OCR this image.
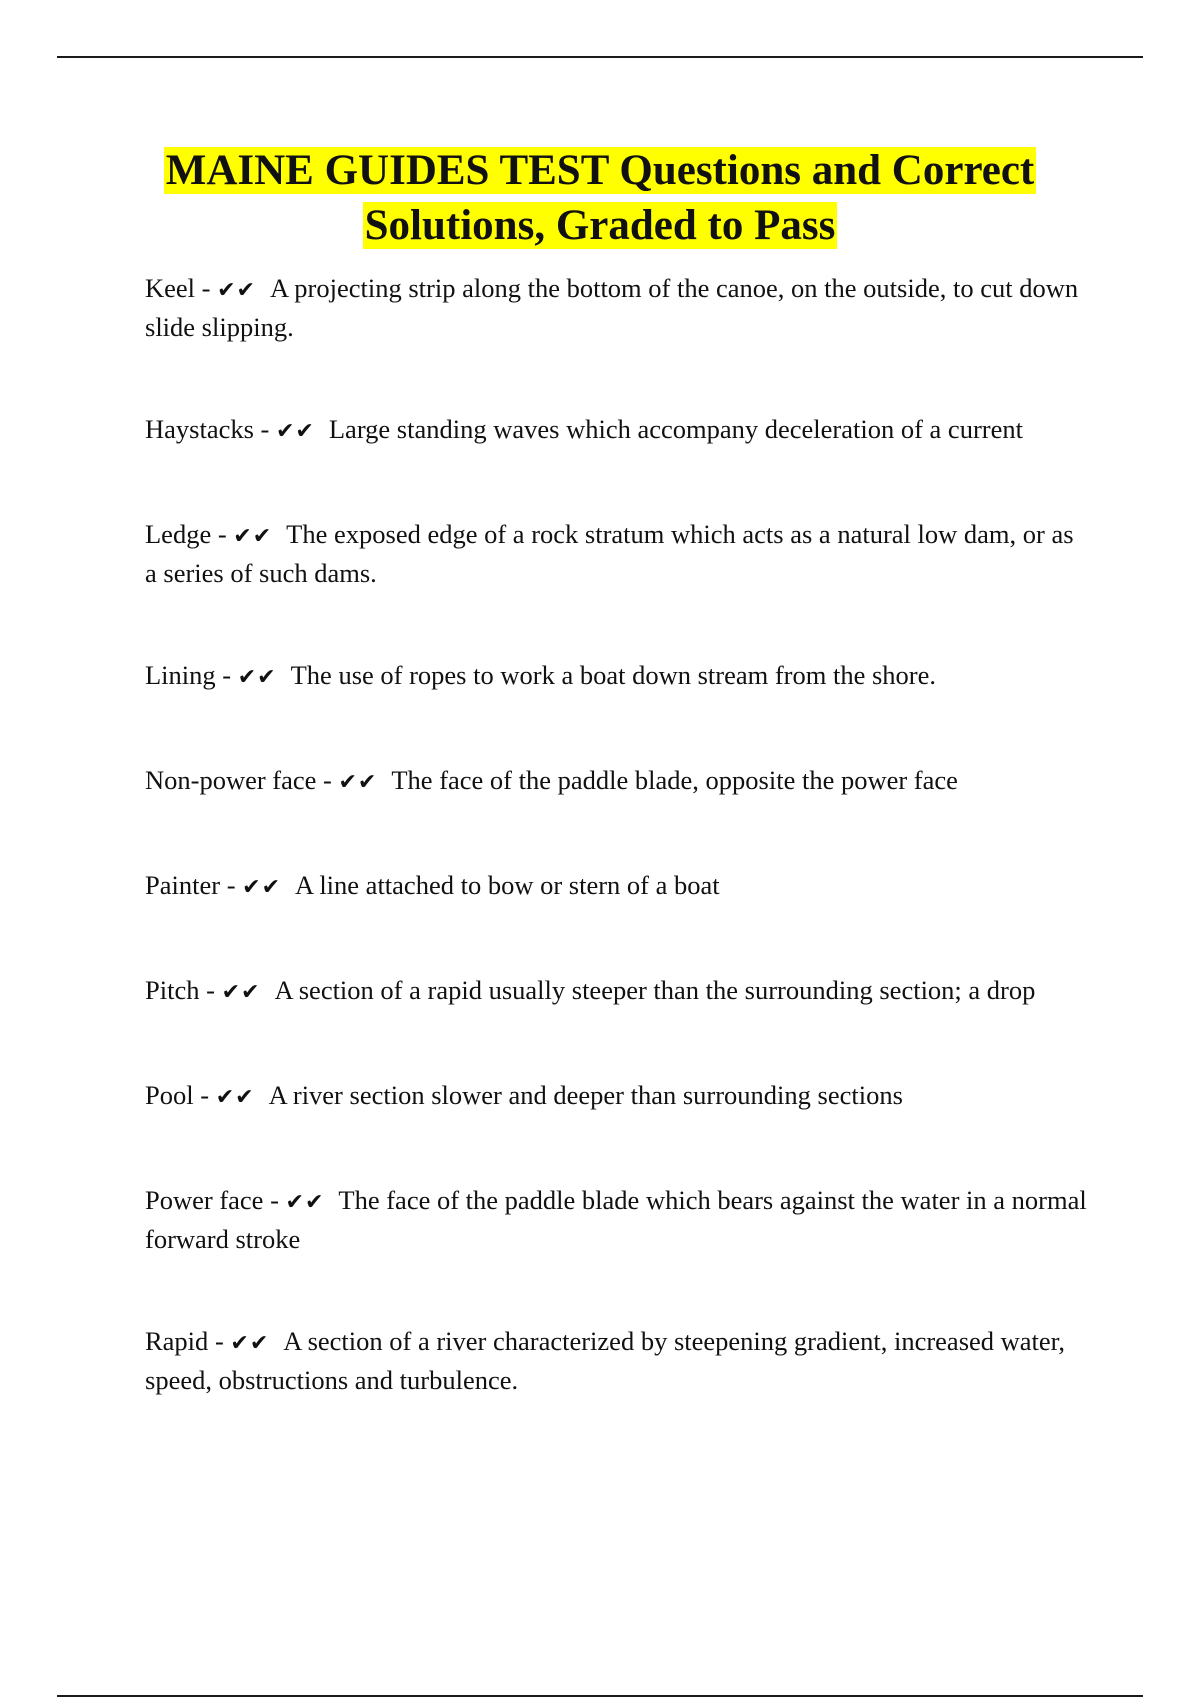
MAINE GUIDES TEST Questions and Correct Solutions, Graded to Pass
Keel - ✔✔ A projecting strip along the bottom of the canoe, on the outside, to cut down slide slipping.
Haystacks - ✔✔ Large standing waves which accompany deceleration of a current
Ledge - ✔✔ The exposed edge of a rock stratum which acts as a natural low dam, or as a series of such dams.
Lining - ✔✔ The use of ropes to work a boat down stream from the shore.
Non-power face - ✔✔ The face of the paddle blade, opposite the power face
Painter - ✔✔ A line attached to bow or stern of a boat
Pitch - ✔✔ A section of a rapid usually steeper than the surrounding section; a drop
Pool - ✔✔ A river section slower and deeper than surrounding sections
Power face - ✔✔ The face of the paddle blade which bears against the water in a normal forward stroke
Rapid - ✔✔ A section of a river characterized by steepening gradient, increased water, speed, obstructions and turbulence.
